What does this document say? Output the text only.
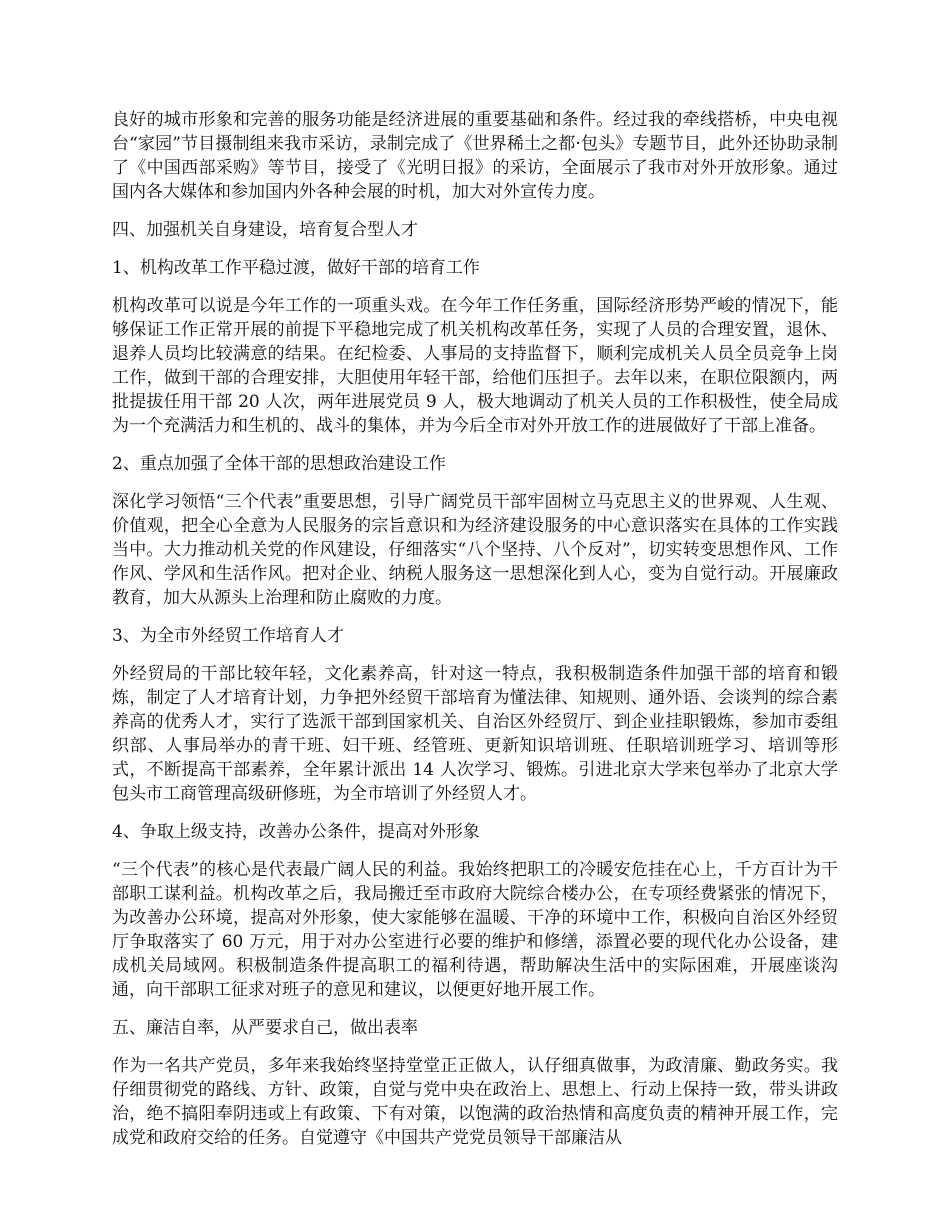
良好的城市形象和完善的服务功能是经济进展的重要基础和条件。经过我的牵线搭桥，中央电视台“家园”节目摄制组来我市采访，录制完成了《世界稀土之都·包头》专题节目，此外还协助录制了《中国西部采购》等节目，接受了《光明日报》的采访，全面展示了我市对外开放形象。通过国内各大媒体和参加国内外各种会展的时机，加大对外宣传力度。

四、加强机关自身建设，培育复合型人才

1、机构改革工作平稳过渡，做好干部的培育工作

机构改革可以说是今年工作的一项重头戏。在今年工作任务重，国际经济形势严峻的情况下，能够保证工作正常开展的前提下平稳地完成了机关机构改革任务，实现了人员的合理安置，退休、退养人员均比较满意的结果。在纪检委、人事局的支持监督下，顺利完成机关人员全员竞争上岗工作，做到干部的合理安排，大胆使用年轻干部，给他们压担子。去年以来，在职位限额内，两批提拔任用干部 20 人次，两年进展党员 9 人，极大地调动了机关人员的工作积极性，使全局成为一个充满活力和生机的、战斗的集体，并为今后全市对外开放工作的进展做好了干部上准备。

2、重点加强了全体干部的思想政治建设工作

深化学习领悟“三个代表”重要思想，引导广阔党员干部牢固树立马克思主义的世界观、人生观、价值观，把全心全意为人民服务的宗旨意识和为经济建设服务的中心意识落实在具体的工作实践当中。大力推动机关党的作风建设，仔细落实“八个坚持、八个反对”，切实转变思想作风、工作作风、学风和生活作风。把对企业、纳税人服务这一思想深化到人心，变为自觉行动。开展廉政教育，加大从源头上治理和防止腐败的力度。

3、为全市外经贸工作培育人才

外经贸局的干部比较年轻，文化素养高，针对这一特点，我积极制造条件加强干部的培育和锻炼，制定了人才培育计划，力争把外经贸干部培育为懂法律、知规则、通外语、会谈判的综合素养高的优秀人才，实行了选派干部到国家机关、自治区外经贸厅、到企业挂职锻炼，参加市委组织部、人事局举办的青干班、妇干班、经管班、更新知识培训班、任职培训班学习、培训等形式，不断提高干部素养，全年累计派出 14 人次学习、锻炼。引进北京大学来包举办了北京大学包头市工商管理高级研修班，为全市培训了外经贸人才。

4、争取上级支持，改善办公条件，提高对外形象

“三个代表”的核心是代表最广阔人民的利益。我始终把职工的冷暖安危挂在心上，千方百计为干部职工谋利益。机构改革之后，我局搬迁至市政府大院综合楼办公，在专项经费紧张的情况下，为改善办公环境，提高对外形象，使大家能够在温暖、干净的环境中工作，积极向自治区外经贸厅争取落实了 60 万元，用于对办公室进行必要的维护和修缮，添置必要的现代化办公设备，建成机关局域网。积极制造条件提高职工的福利待遇，帮助解决生活中的实际困难，开展座谈沟通，向干部职工征求对班子的意见和建议，以便更好地开展工作。

五、廉洁自率，从严要求自己，做出表率

作为一名共产党员，多年来我始终坚持堂堂正正做人，认仔细真做事，为政清廉、勤政务实。我仔细贯彻党的路线、方针、政策，自觉与党中央在政治上、思想上、行动上保持一致，带头讲政治，绝不搞阳奉阴违或上有政策、下有对策，以饱满的政治热情和高度负责的精神开展工作，完成党和政府交给的任务。自觉遵守《中国共产党党员领导干部廉洁从
